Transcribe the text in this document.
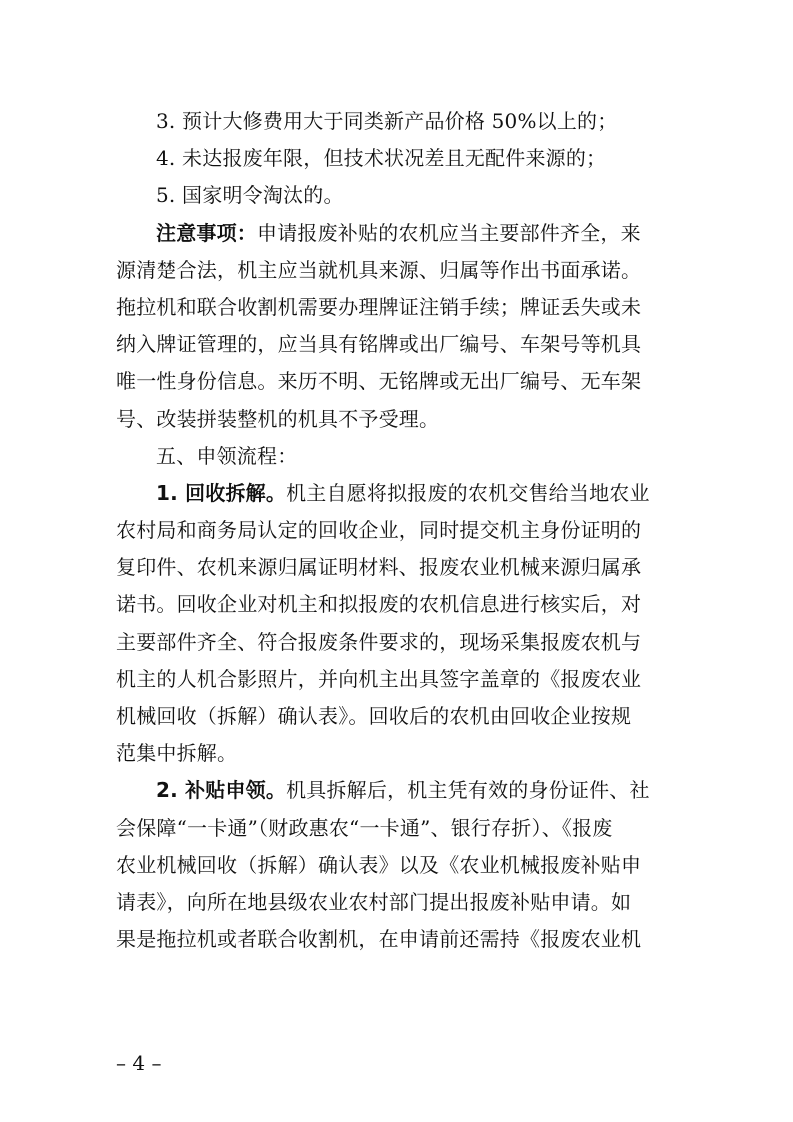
3. 预计大修费用大于同类新产品价格 50%以上的；

4. 未达报废年限，但技术状况差且无配件来源的；

5. 国家明令淘汰的。

注意事项：申请报废补贴的农机应当主要部件齐全，来

源清楚合法，机主应当就机具来源、归属等作出书面承诺。

拖拉机和联合收割机需要办理牌证注销手续；牌证丢失或未

纳入牌证管理的，应当具有铭牌或出厂编号、车架号等机具

唯一性身份信息。来历不明、无铭牌或无出厂编号、无车架

号、改装拼装整机的机具不予受理。

五、申领流程：

1. 回收拆解。机主自愿将拟报废的农机交售给当地农业

农村局和商务局认定的回收企业，同时提交机主身份证明的

复印件、农机来源归属证明材料、报废农业机械来源归属承

诺书。回收企业对机主和拟报废的农机信息进行核实后，对

主要部件齐全、符合报废条件要求的，现场采集报废农机与

机主的人机合影照片，并向机主出具签字盖章的《报废农业

机械回收（拆解）确认表》。回收后的农机由回收企业按规

范集中拆解。

2. 补贴申领。机具拆解后，机主凭有效的身份证件、社

会保障“一卡通”（财政惠农“一卡通”、银行存折）、《报废

农业机械回收（拆解）确认表》以及《农业机械报废补贴申

请表》，向所在地县级农业农村部门提出报废补贴申请。如

果是拖拉机或者联合收割机，在申请前还需持《报废农业机

– 4 –
